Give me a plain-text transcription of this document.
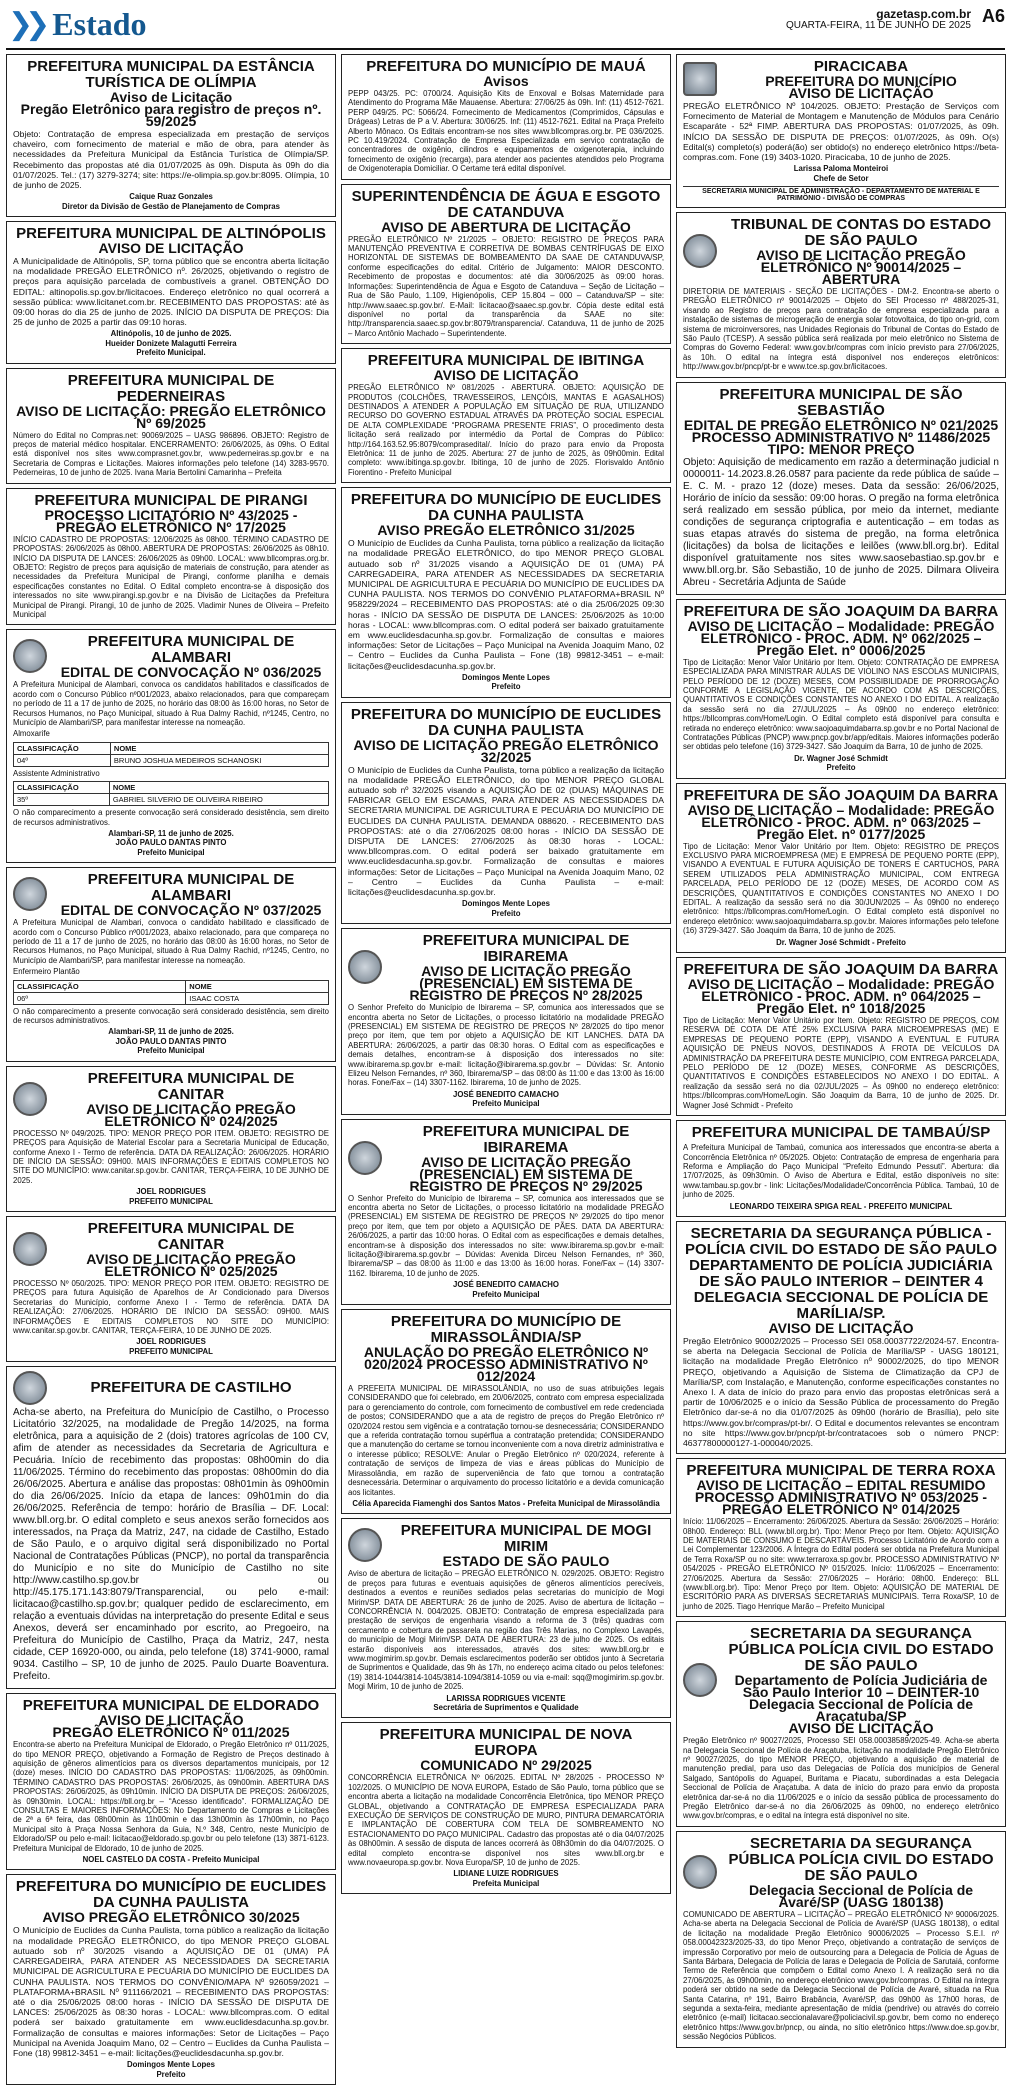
❯❯ Estado	gazetasp.com.br
QUARTA-FEIRA, 11 DE JUNHO DE 2025 A6
PREFEITURA MUNICIPAL DA ESTÂNCIA TURÍSTICA DE OLÍMPIA
Aviso de Licitação
Pregão Eletrônico para registro de preços nº. 59/2025

Objeto: Contratação de empresa especializada em prestação de serviços chaveiro, com fornecimento de material e mão de obra, para atender às necessidades da Prefeitura Municipal da Estância Turística de Olímpia/SP. Recebimento das propostas até dia 01/07/2025 às 09h. Disputa às 09h do dia 01/07/2025. Tel.: (17) 3279-3274; site: https://e-olimpia.sp.gov.br:8095. Olímpia, 10 de junho de 2025.

Caique Ruaz Gonzales
Diretor da Divisão de Gestão de Planejamento de Compras
PREFEITURA MUNICIPAL DE ALTINÓPOLIS
AVISO DE LICITAÇÃO

A Municipalidade de Altinópolis, SP, torna público que se encontra aberta licitação na modalidade PREGÃO ELETRÔNICO nº. 26/2025, objetivando o registro de preços para aquisição parcelada de combustíveis a granel. OBTENÇÃO DO EDITAL: altinopolis.sp.gov.br/licitacoes. Endereço eletrônico no qual ocorrerá a sessão pública: www.licitanet.com.br. RECEBIMENTO DAS PROPOSTAS: até às 09:00 horas do dia 25 de junho de 2025. INÍCIO DA DISPUTA DE PREÇOS: Dia 25 de junho de 2025 a partir das 09:10 horas.

Altinópolis, 10 de junho de 2025.
Hueider Donizete Malagutti Ferreira
Prefeito Municipal.
PREFEITURA MUNICIPAL DE PEDERNEIRAS
AVISO DE LICITAÇÃO: PREGÃO ELETRÔNICO Nº 69/2025

Número do Edital no Compras.net: 90069/2025 – UASG 986896. OBJETO: Registro de preços de material médico hospitalar. ENCERRAMENTO: 26/06/2025, às 09hs. O Edital está disponível nos sites www.comprasnet.gov.br, www.pederneiras.sp.gov.br e na Secretaria de Compras e Licitações. Maiores informações pelo telefone (14) 3283-9570. Pederneiras, 10 de junho de 2025. Ivana Maria Bertolini Camarinha – Prefeita

PREFEITURA MUNICIPAL DE PIRANGI
PROCESSO LICITATÓRIO Nº 43/2025 - PREGÃO ELETRÔNICO Nº 17/2025

INÍCIO CADASTRO DE PROPOSTAS: 12/06/2025 às 08h00. TÉRMINO CADASTRO DE PROPOSTAS: 26/06/2025 às 08h00. ABERTURA DE PROPOSTAS: 26/06/2025 às 08h10. INÍCIO DA DISPUTA DE LANCES: 26/06/2025 às 09h00. LOCAL: www.bllcompras.org.br. OBJETO: Registro de preços para aquisição de materiais de construção, para atender as necessidades da Prefeitura Municipal de Pirangi, conforme planilha e demais especificações constantes no Edital. O Edital completo encontra-se à disposição dos interessados no site www.pirangi.sp.gov.br e na Divisão de Licitações da Prefeitura Municipal de Pirangi. Pirangi, 10 de junho de 2025. Vladimir Nunes de Oliveira – Prefeito Municipal

PREFEITURA MUNICIPAL DE ALAMBARI
EDITAL DE CONVOCAÇÃO Nº 036/2025

A Prefeitura Municipal de Alambari, convoca os candidatos habilitados e classificados de acordo com o Concurso Público nº001/2023, abaixo relacionados, para que compareçam no período de 11 a 17 de junho de 2025, no horário das 08:00 às 16:00 horas, no Setor de Recursos Humanos, no Paço Municipal, situado à Rua Dalmy Rachid, nº1245, Centro, no Município de Alambari/SP, para manifestar interesse na nomeação.

Almoxarife

CLASSIFICAÇÃO	NOME
04º	BRUNO JOSHUA MEDEIROS SCHANOSKI

Assistente Administrativo

CLASSIFICAÇÃO	NOME
35º	GABRIEL SILVERIO DE OLIVEIRA RIBEIRO

O não comparecimento a presente convocação será considerado desistência, sem direito de recursos administrativos.

Alambari-SP, 11 de junho de 2025.
JOÃO PAULO DANTAS PINTO
Prefeito Municipal
PREFEITURA MUNICIPAL DE ALAMBARI
EDITAL DE CONVOCAÇÃO Nº 037/2025

A Prefeitura Municipal de Alambari, convoca o candidato habilitado e classificado de acordo com o Concurso Público nº001/2023, abaixo relacionado, para que compareça no período de 11 a 17 de junho de 2025, no horário das 08:00 às 16:00 horas, no Setor de Recursos Humanos, no Paço Municipal, situado à Rua Dalmy Rachid, nº1245, Centro, no Município de Alambari/SP, para manifestar interesse na nomeação.

Enfermeiro Plantão

CLASSIFICAÇÃO	NOME
06º	ISAAC COSTA

O não comparecimento a presente convocação será considerado desistência, sem direito de recursos administrativos.

Alambari-SP, 11 de junho de 2025.
JOÃO PAULO DANTAS PINTO
Prefeito Municipal
PREFEITURA MUNICIPAL DE CANITAR
AVISO DE LICITAÇÃO PREGÃO ELETRÔNICO Nº 024/2025

PROCESSO Nº 049/2025. TIPO: MENOR PREÇO POR ITEM. OBJETO: REGISTRO DE PREÇOS para Aquisição de Material Escolar para a Secretaria Municipal de Educação, conforme Anexo I - Termo de referência. DATA DA REALIZAÇÃO: 26/06/2025. HORÁRIO DE INÍCIO DA SESSÃO: 09H00. MAIS INFORMAÇÕES E EDITAIS COMPLETOS NO SITE DO MUNICÍPIO: www.canitar.sp.gov.br. CANITAR, TERÇA-FEIRA, 10 DE JUNHO DE 2025.

JOEL RODRIGUES
PREFEITO MUNICIPAL
PREFEITURA MUNICIPAL DE CANITAR
AVISO DE LICITAÇÃO PREGÃO ELETRÔNICO Nº 025/2025

PROCESSO Nº 050/2025. TIPO: MENOR PREÇO POR ITEM. OBJETO: REGISTRO DE PREÇOS para futura Aquisição de Aparelhos de Ar Condicionado para Diversos Secretarias do Município, conforme Anexo I - Termo de referência. DATA DA REALIZAÇÃO: 27/06/2025. HORÁRIO DE INÍCIO DA SESSÃO: 09H00. MAIS INFORMAÇÕES E EDITAIS COMPLETOS NO SITE DO MUNICÍPIO: www.canitar.sp.gov.br. CANITAR, TERÇA-FEIRA, 10 DE JUNHO DE 2025.

JOEL RODRIGUES
PREFEITO MUNICIPAL
PREFEITURA DE CASTILHO

Acha-se aberto, na Prefeitura do Município de Castilho, o Processo Licitatório 32/2025, na modalidade de Pregão 14/2025, na forma eletrônica, para a aquisição de 2 (dois) tratores agrícolas de 100 CV, afim de atender as necessidades da Secretaria de Agricultura e Pecuária. Início de recebimento das propostas: 08h00min do dia 11/06/2025. Término do recebimento das propostas: 08h00min do dia 26/06/2025. Abertura e análise das propostas: 08h01min às 09h00min do dia 26/06/2025. Início da etapa de lances: 09h01min do dia 26/06/2025. Referência de tempo: horário de Brasília – DF. Local: www.bll.org.br. O edital completo e seus anexos serão fornecidos aos interessados, na Praça da Matriz, 247, na cidade de Castilho, Estado de São Paulo, e o arquivo digital será disponibilizado no Portal Nacional de Contratações Públicas (PNCP), no portal da transparência do Município e no site do Município de Castilho no site http://www.castilho.sp.gov.br ou http://45.175.171.143:8079/Transparencial, ou pelo e-mail: licitacao@castilho.sp.gov.br; qualquer pedido de esclarecimento, em relação a eventuais dúvidas na interpretação do presente Edital e seus Anexos, deverá ser encaminhado por escrito, ao Pregoeiro, na Prefeitura do Município de Castilho, Praça da Matriz, 247, nesta cidade, CEP 16920-000, ou ainda, pelo telefone (18) 3741-9000, ramal 9034. Castilho – SP, 10 de junho de 2025. Paulo Duarte Boaventura. Prefeito.

PREFEITURA MUNICIPAL DE ELDORADO
AVISO DE LICITAÇÃO
PREGÃO ELETRÔNICO Nº 011/2025

Encontra-se aberto na Prefeitura Municipal de Eldorado, o Pregão Eletrônico nº 011/2025, do tipo MENOR PREÇO, objetivando a Formação de Registro de Preços destinado à aquisição de gêneros alimentícios para os diversos departamentos municipais, por 12 (doze) meses. INÍCIO DO CADASTRO DAS PROPOSTAS: 11/06/2025, às 09h00min. TÉRMINO CADASTRO DAS PROPOSTAS: 26/06/2025, às 09h00min. ABERTURA DAS PROPOSTAS: 26/06/2025, às 09h10min. INÍCIO DA DISPUTA DE PREÇOS: 26/06/2025, às 09h30min. LOCAL: https://bll.org.br – “Acesso identificado”. FORMALIZAÇÃO DE CONSULTAS E MAIORES INFORMAÇÕES: No Departamento de Compras e Licitações de 2ª a 6ª feira, das 08h00min às 11h00min e das 13h00min às 17h00min, no Paço Municipal sito à Praça Nossa Senhora da Guia, N.º 348, Centro, neste Município de Eldorado/SP ou pelo e-mail: licitacao@eldorado.sp.gov.br ou pelo telefone (13) 3871-6123. Prefeitura Municipal de Eldorado, 10 de junho de 2025.

NOEL CASTELO DA COSTA - Prefeito Municipal
PREFEITURA DO MUNICÍPIO DE EUCLIDES DA CUNHA PAULISTA
AVISO PREGÃO ELETRÔNICO 30/2025

O Município de Euclides da Cunha Paulista, torna público a realização da licitação na modalidade PREGÃO ELETRÔNICO, do tipo MENOR PREÇO GLOBAL autuado sob nº 30/2025 visando a AQUISIÇÃO DE 01 (UMA) PÁ CARREGADEIRA, PARA ATENDER AS NECESSIDADES DA SECRETARIA MUNICIPAL DE AGRICULTURA E PECUÁRIA DO MUNICÍPIO DE EUCLIDES DA CUNHA PAULISTA. NOS TERMOS DO CONVÊNIO/MAPA Nº 926059/2021 – PLATAFORMA+BRASIL Nº 911166/2021 – RECEBIMENTO DAS PROPOSTAS: até o dia 25/06/2025 08:00 horas - INÍCIO DA SESSÃO DE DISPUTA DE LANCES: 25/06/2025 às 08:30 horas - LOCAL: www.bllcompras.com. O edital poderá ser baixado gratuitamente em www.euclidesdacunha.sp.gov.br. Formalização de consultas e maiores informações: Setor de Licitações – Paço Municipal na Avenida Joaquim Mano, 02 – Centro – Euclides da Cunha Paulista – Fone (18) 99812-3451 – e-mail: licitações@euclidesdacunha.sp.gov.br.

Domingos Mente Lopes
Prefeito
PREFEITURA DO MUNICÍPIO DE MAUÁ
Avisos

PEPP 043/25. PC: 0700/24. Aquisição Kits de Enxoval e Bolsas Maternidade para Atendimento do Programa Mãe Mauaense. Abertura: 27/06/25 às 09h. Inf: (11) 4512-7621. PERP 049/25. PC: 5066/24. Fornecimento de Medicamentos (Comprimidos, Cápsulas e Drágeas) Letras de P a V. Abertura: 30/06/25. Inf: (11) 4512-7621. Edital na Praça Prefeito Alberto Mônaco. Os Editais encontram-se nos sites www.bllcompras.org.br. PE 036/2025. PC 10.419/2024. Contratação de Empresa Especializada em serviço contratação de concentradores de oxigênio, cilindros e equipamentos de oxigenoterapia, incluindo fornecimento de oxigênio (recarga), para atender aos pacientes atendidos pelo Programa de Oxigenoterapia Domiciliar. O Certame terá edital disponível.

SUPERINTENDÊNCIA DE ÁGUA E ESGOTO DE CATANDUVA
AVISO DE ABERTURA DE LICITAÇÃO

PREGÃO ELETRÔNICO Nº 21/2025 – OBJETO: REGISTRO DE PREÇOS PARA MANUTENÇÃO PREVENTIVA E CORRETIVA DE BOMBAS CENTRÍFUGAS DE EIXO HORIZONTAL DE SISTEMAS DE BOMBEAMENTO DA SAAE DE CATANDUVA/SP, conforme especificações do edital. Critério de Julgamento: MAIOR DESCONTO. Recebimento de propostas e documentos: até dia 30/06/2025 às 09:00 horas. Informações: Superintendência de Água e Esgoto de Catanduva – Seção de Licitação – Rua de São Paulo, 1.109, Higienópolis, CEP 15.804 – 000 – Catanduva/SP – site: http://www.saaec.sp.gov.br/. E-Mail: licitacao@saaec.sp.gov.br. Cópia deste edital está disponível no portal da transparência da SAAE no site: http://transparencia.saaec.sp.gov.br:8079/transparencia/. Catanduva, 11 de junho de 2025 – Marco Antônio Machado – Superintendente.

PREFEITURA MUNICIPAL DE IBITINGA
AVISO DE LICITAÇÃO

PREGÃO ELETRÔNICO Nº 081/2025 - ABERTURA. OBJETO: AQUISIÇÃO DE PRODUTOS (COLCHÕES, TRAVESSEIROS, LENÇÓIS, MANTAS E AGASALHOS) DESTINADOS A ATENDER A POPULAÇÃO EM SITUAÇÃO DE RUA, UTILIZANDO RECURSO DO GOVERNO ESTADUAL ATRAVÉS DA PROTEÇÃO SOCIAL ESPECIAL DE ALTA COMPLEXIDADE “PROGRAMA PRESENTE FRIAS”, O procedimento desta licitação será realizado por intermédio da Portal de Compras do Público: http://164.163.52.95:8079/comprasedital/. Início do prazo para envio da Proposta Eletrônica: 11 de junho de 2025. Abertura: 27 de junho de 2025, às 09h00min. Edital completo: www.ibitinga.sp.gov.br. Ibitinga, 10 de junho de 2025. Florisvaldo Antônio Fiorentino - Prefeito Municipal

PREFEITURA DO MUNICÍPIO DE EUCLIDES DA CUNHA PAULISTA
AVISO PREGÃO ELETRÔNICO 31/2025

O Município de Euclides da Cunha Paulista, torna público a realização da licitação na modalidade PREGÃO ELETRÔNICO, do tipo MENOR PREÇO GLOBAL autuado sob nº 31/2025 visando a AQUISIÇÃO DE 01 (UMA) PÁ CARREGADEIRA, PARA ATENDER AS NECESSIDADES DA SECRETARIA MUNICIPAL DE AGRICULTURA E PECUÁRIA DO MUNICÍPIO DE EUCLIDES DA CUNHA PAULISTA. NOS TERMOS DO CONVÊNIO PLATAFORMA+BRASIL Nº 958229/2024 – RECEBIMENTO DAS PROPOSTAS: até o dia 25/06/2025 09:30 horas - INÍCIO DA SESSÃO DE DISPUTA DE LANCES: 25/06/2025 às 10:00 horas - LOCAL: www.bllcompras.com. O edital poderá ser baixado gratuitamente em www.euclidesdacunha.sp.gov.br. Formalização de consultas e maiores informações: Setor de Licitações – Paço Municipal na Avenida Joaquim Mano, 02 – Centro – Euclides da Cunha Paulista – Fone (18) 99812-3451 – e-mail: licitações@euclidesdacunha.sp.gov.br.

Domingos Mente Lopes
Prefeito
PREFEITURA DO MUNICÍPIO DE EUCLIDES DA CUNHA PAULISTA
AVISO DE LICITAÇÃO PREGÃO ELETRÔNICO 32/2025

O Município de Euclides da Cunha Paulista, torna público a realização da licitação na modalidade PREGÃO ELETRÔNICO, do tipo MENOR PREÇO GLOBAL autuado sob nº 32/2025 visando a AQUISIÇÃO DE 02 (DUAS) MÁQUINAS DE FABRICAR GELO EM ESCAMAS, PARA ATENDER AS NECESSIDADES DA SECRETARIA MUNICIPAL DE AGRICULTURA E PECUÁRIA DO MUNICÍPIO DE EUCLIDES DA CUNHA PAULISTA. DEMANDA 088620. - RECEBIMENTO DAS PROPOSTAS: até o dia 27/06/2025 08:00 horas - INÍCIO DA SESSÃO DE DISPUTA DE LANCES: 27/06/2025 às 08:30 horas - LOCAL: www.bllcompras.com. O edital poderá ser baixado gratuitamente em www.euclidesdacunha.sp.gov.br. Formalização de consultas e maiores informações: Setor de Licitações – Paço Municipal na Avenida Joaquim Mano, 02 – Centro – Euclides da Cunha Paulista – e-mail: licitações@euclidesdacunha.sp.gov.br.

Domingos Mente Lopes
Prefeito
PREFEITURA MUNICIPAL DE IBIRAREMA
AVISO DE LICITAÇÃO PREGÃO (PRESENCIAL) EM SISTEMA DE REGISTRO DE PREÇOS Nº 28/2025

O Senhor Prefeito do Município de Ibirarema – SP, comunica aos interessados que se encontra aberta no Setor de Licitações, o processo licitatório na modalidade PREGÃO (PRESENCIAL) EM SISTEMA DE REGISTRO DE PREÇOS Nº 28/2025 do tipo menor preço por item, que tem por objeto a AQUISIÇÃO DE KIT LANCHES. DATA DA ABERTURA: 26/06/2025, a partir das 08:30 horas. O Edital com as especificações e demais detalhes, encontram-se à disposição dos interessados no site: www.ibirarema.sp.gov.br e-mail: licitação@ibirarema.sp.gov.br – Dúvidas: Sr. Antonio Elizeu Nelson Fernandes, nº 360, Ibirarema/SP – das 08:00 às 11:00 e das 13:00 às 16:00 horas. Fone/Fax – (14) 3307-1162. Ibirarema, 10 de junho de 2025.

JOSÉ BENEDITO CAMACHO
Prefeito Municipal
PREFEITURA MUNICIPAL DE IBIRAREMA
AVISO DE LICITAÇÃO PREGÃO (PRESENCIAL) EM SISTEMA DE REGISTRO DE PREÇOS Nº 29/2025

O Senhor Prefeito do Município de Ibirarema – SP, comunica aos interessados que se encontra aberta no Setor de Licitações, o processo licitatório na modalidade PREGÃO (PRESENCIAL) EM SISTEMA DE REGISTRO DE PREÇOS Nº 29/2025 do tipo menor preço por item, que tem por objeto a AQUISIÇÃO DE PÃES. DATA DA ABERTURA: 26/06/2025, a partir das 10:00 horas. O Edital com as especificações e demais detalhes, encontram-se à disposição dos interessados no site: www.ibirarema.sp.gov.br e-mail: licitação@ibirarema.sp.gov.br – Dúvidas: Avenida Dirceu Nelson Fernandes, nº 360, Ibirarema/SP – das 08:00 às 11:00 e das 13:00 às 16:00 horas. Fone/Fax – (14) 3307-1162. Ibirarema, 10 de junho de 2025.

JOSÉ BENEDITO CAMACHO
Prefeito Municipal
PREFEITURA DO MUNICÍPIO DE MIRASSOLÂNDIA/SP
ANULAÇÃO DO PREGÃO ELETRÔNICO Nº 020/2024 PROCESSO ADMINISTRATIVO Nº 012/2024

A PREFEITA MUNICIPAL DE MIRASSOLÂNDIA, no uso de suas atribuições legais CONSIDERANDO que foi celebrado, em 20/06/2025, contrato com empresa especializada para o gerenciamento do controle, com fornecimento de combustível em rede credenciada de postos; CONSIDERANDO que a ata de registro de preços do Pregão Eletrônico nº 020/2024 restou sem vigência e a contratação tornou-se desnecessária; CONSIDERANDO que a referida contratação tornou supérflua a contratação pretendida; CONSIDERANDO que a manutenção do certame se tornou inconveniente com a nova diretriz administrativa e o interesse público; RESOLVE: Anular o Pregão Eletrônico nº 020/2024, referente à contratação de serviços de limpeza de vias e áreas públicas do Município de Mirassolândia, em razão de superveniência de fato que tornou a contratação desnecessária. Determinar o arquivamento do processo licitatório e a devida comunicação aos licitantes.

Célia Aparecida Fiamenghi dos Santos Matos - Prefeita Municipal de Mirassolândia
PREFEITURA MUNICIPAL DE MOGI MIRIM
ESTADO DE SÃO PAULO

Aviso de abertura de licitação – PREGÃO ELETRÔNICO N. 029/2025. OBJETO: Registro de preços para futuras e eventuais aquisições de gêneros alimentícios perecíveis, destinados a eventos e reuniões sediados pelas secretarias do município de Mogi Mirim/SP. DATA DE ABERTURA: 26 de junho de 2025. Aviso de abertura de licitação – CONCORRÊNCIA N. 004/2025. OBJETO: Contratação de empresa especializada para prestação de serviços de engenharia visando a reforma de 3 (três) quadras com cercamento e cobertura de passarela na região das Três Marias, no Complexo Lavapés, do município de Mogi Mirim/SP. DATA DE ABERTURA: 23 de julho de 2025. Os editais estarão disponíveis aos interessados, através dos sites: www.bll.org.br e www.mogimirim.sp.gov.br. Demais esclarecimentos poderão ser obtidos junto à Secretaria de Suprimentos e Qualidade, das 9h às 17h, no endereço acima citado ou pelos telefones: (19) 3814-1044/3814-1045/3814-1094/3814-1059 ou via e-mail: sqq@mogimirim.sp.gov.br. Mogi Mirim, 10 de junho de 2025.

LARISSA RODRIGUES VICENTE
Secretária de Suprimentos e Qualidade
PREFEITURA MUNICIPAL DE NOVA EUROPA
COMUNICADO Nº 29/2025

CONCORRÊNCIA ELETRÔNICA Nº 06/2025. EDITAL Nº 28/2025 - PROCESSO Nº 102/2025. O MUNICÍPIO DE NOVA EUROPA, Estado de São Paulo, torna público que se encontra aberta a licitação na modalidade Concorrência Eletrônica, tipo MENOR PREÇO GLOBAL, objetivando a CONTRATAÇÃO DE EMPRESA ESPECIALIZADA PARA EXECUÇÃO DE SERVIÇOS DE CONSTRUÇÃO DE MURO, PINTURA DEMARCATÓRIA E IMPLANTAÇÃO DE COBERTURA COM TELA DE SOMBREAMENTO NO ESTACIONAMENTO DO PAÇO MUNICIPAL. Cadastro das propostas até o dia 04/07/2025 às 08h00min. A sessão de disputa de lances ocorrerá às 08h30min do dia 04/07/2025. O edital completo encontra-se disponível nos sites www.bll.org.br e www.novaeuropa.sp.gov.br. Nova Europa/SP, 10 de junho de 2025.

LIDIANE LUIZE RODRIGUES
Prefeita Municipal
PIRACICABA
PREFEITURA DO MUNICÍPIO
AVISO DE LICITAÇÃO

PREGÃO ELETRÔNICO Nº 104/2025. OBJETO: Prestação de Serviços com Fornecimento de Material de Montagem e Manutenção de Módulos para Cenário Escaparáte - 52ª FIMP. ABERTURA DAS PROPOSTAS: 01/07/2025, às 09h. INÍCIO DA SESSÃO DE DISPUTA DE PREÇOS: 01/07/2025, às 09h. O(s) Edital(s) completo(s) poderá(ão) ser obtido(s) no endereço eletrônico https://beta-compras.com. Fone (19) 3403-1020. Piracicaba, 10 de junho de 2025.

Larissa Paloma Monteiroi
Chefe de Setor
SECRETARIA MUNICIPAL DE ADMINISTRAÇÃO - DEPARTAMENTO DE MATERIAL E PATRIMÔNIO - DIVISÃO DE COMPRAS
TRIBUNAL DE CONTAS DO ESTADO DE SÃO PAULO
AVISO DE LICITAÇÃO PREGÃO ELETRÔNICO Nº 90014/2025 – ABERTURA

DIRETORIA DE MATERIAIS - SEÇÃO DE LICITAÇÕES - DM-2. Encontra-se aberto o PREGÃO ELETRÔNICO nº 90014/2025 – Objeto do SEI Processo nº 488/2025-31, visando ao Registro de preços para contratação de empresa especializada para a instalação de sistemas de microgeração de energia solar fotovoltaica, do tipo on-grid, com sistema de microinversores, nas Unidades Regionais do Tribunal de Contas do Estado de São Paulo (TCESP). A sessão pública será realizada por meio eletrônico no Sistema de Compras do Governo Federal: www.gov.br/compras com início previsto para 27/06/2025, às 10h. O edital na íntegra está disponível nos endereços eletrônicos: http://www.gov.br/pncp/pt-br e www.tce.sp.gov.br/licitacoes.

PREFEITURA MUNICIPAL DE SÃO SEBASTIÃO
EDITAL DE PREGÃO ELETRÔNICO Nº 021/2025
PROCESSO ADMINISTRATIVO Nº 11486/2025
TIPO: MENOR PREÇO

Objeto: Aquisição de medicamento em razão a determinação judicial n 0000011- 14.2023.8.26.0587 para paciente da rede pública de saúde – E. C. M. - prazo 12 (doze) meses. Data da sessão: 26/06/2025, Horário de início da sessão: 09:00 horas. O pregão na forma eletrônica será realizado em sessão pública, por meio da internet, mediante condições de segurança criptografia e autenticação – em todas as suas etapas através do sistema de pregão, na forma eletrônica (licitações) da bolsa de licitações e leilões (www.bll.org.br). Edital disponível gratuitamente nos sites www.saosebastiao.sp.gov.br e www.bll.org.br. São Sebastião, 10 de junho de 2025. Dilmara Oliveira Abreu - Secretária Adjunta de Saúde

PREFEITURA DE SÃO JOAQUIM DA BARRA
AVISO DE LICITAÇÃO – Modalidade: PREGÃO ELETRÔNICO - PROC. ADM. Nº 062/2025 – Pregão Elet. nº 0006/2025

Tipo de Licitação: Menor Valor Unitário por Item. Objeto: CONTRATAÇÃO DE EMPRESA ESPECIALIZADA PARA MINISTRAR AULAS DE VIOLINO NAS ESCOLAS MUNICIPAIS, PELO PERÍODO DE 12 (DOZE) MESES, COM POSSIBILIDADE DE PRORROGAÇÃO CONFORME A LEGISLAÇÃO VIGENTE, DE ACORDO COM AS DESCRIÇÕES, QUANTITATIVOS E CONDIÇÕES CONSTANTES NO ANEXO I DO EDITAL. A realização da sessão será no dia 27/JUL/2025 – Às 09h00 no endereço eletrônico: https://bllcompras.com/Home/Login. O Edital completo está disponível para consulta e retirada no endereço eletrônico: www.saojoaquimdabarra.sp.gov.br e no Portal Nacional de Contratações Públicas (PNCP) www.pncp.gov.br/app/editais. Maiores informações poderão ser obtidas pelo telefone (16) 3729-3427. São Joaquim da Barra, 10 de junho de 2025.

Dr. Wagner José Schmidt
Prefeito
PREFEITURA DE SÃO JOAQUIM DA BARRA
AVISO DE LICITAÇÃO – Modalidade: PREGÃO ELETRÔNICO - PROC. ADM. nº 063/2025 – Pregão Elet. nº 0177/2025

Tipo de Licitação: Menor Valor Unitário por Item. Objeto: REGISTRO DE PREÇOS EXCLUSIVO PARA MICROEMPRESA (ME) E EMPRESA DE PEQUENO PORTE (EPP), VISANDO A EVENTUAL E FUTURA AQUISIÇÃO DE TONERS E CARTUCHOS, PARA SEREM UTILIZADOS PELA ADMINISTRAÇÃO MUNICIPAL, COM ENTREGA PARCELADA, PELO PERÍODO DE 12 (DOZE) MESES, DE ACORDO COM AS DESCRIÇÕES, QUANTITATIVOS E CONDIÇÕES CONSTANTES NO ANEXO I DO EDITAL. A realização da sessão será no dia 30/JUN/2025 – Às 09h00 no endereço eletrônico: https://bllcompras.com/Home/Login. O Edital completo está disponível no endereço eletrônico: www.saojoaquimdabarra.sp.gov.br. Maiores informações pelo telefone (16) 3729-3427. São Joaquim da Barra, 10 de junho de 2025.

Dr. Wagner José Schmidt - Prefeito
PREFEITURA DE SÃO JOAQUIM DA BARRA
AVISO DE LICITAÇÃO – Modalidade: PREGÃO ELETRÔNICO - PROC. ADM. nº 064/2025 – Pregão Elet. nº 1018/2025

Tipo de Licitação: Menor Valor Unitário por Item. Objeto: REGISTRO DE PREÇOS, COM RESERVA DE COTA DE ATÉ 25% EXCLUSIVA PARA MICROEMPRESAS (ME) E EMPRESAS DE PEQUENO PORTE (EPP), VISANDO A EVENTUAL E FUTURA AQUISIÇÃO DE PNEUS NOVOS, DESTINADOS À FROTA DE VEÍCULOS DA ADMINISTRAÇÃO DA PREFEITURA DESTE MUNICÍPIO, COM ENTREGA PARCELADA, PELO PERÍODO DE 12 (DOZE) MESES, CONFORME AS DESCRIÇÕES, QUANTITATIVOS E CONDIÇÕES ESTABELECIDOS NO ANEXO I DO EDITAL. A realização da sessão será no dia 02/JUL/2025 – Às 09h00 no endereço eletrônico: https://bllcompras.com/Home/Login. São Joaquim da Barra, 10 de junho de 2025. Dr. Wagner José Schmidt - Prefeito

PREFEITURA MUNICIPAL DE TAMBAÚ/SP

A Prefeitura Municipal de Tambaú, comunica aos interessados que encontra-se aberta a Concorrência Eletrônica nº 05/2025. Objeto: Contratação de empresa de engenharia para Reforma e Ampliação do Paço Municipal “Prefeito Edmundo Pessuti”. Abertura: dia 17/07/2025, às 09h30min. O Aviso de Abertura e Edital, estão disponíveis no site: www.tambau.sp.gov.br - link: Licitações/Modalidade/Concorrência Pública. Tambaú, 10 de junho de 2025.

LEONARDO TEIXEIRA SPIGA REAL - PREFEITO MUNICIPAL
SECRETARIA DA SEGURANÇA PÚBLICA - POLÍCIA CIVIL DO ESTADO DE SÃO PAULO DEPARTAMENTO DE POLÍCIA JUDICIÁRIA DE SÃO PAULO INTERIOR – DEINTER 4 DELEGACIA SECCIONAL DE POLÍCIA DE MARÍLIA/SP.
AVISO DE LICITAÇÃO

Pregão Eletrônico 90002/2025 – Processo SEI 058.00037722/2024-57. Encontra-se aberta na Delegacia Seccional de Polícia de Marília/SP - UASG 180121, licitação na modalidade Pregão Eletrônico nº 90002/2025, do tipo MENOR PREÇO, objetivando a Aquisição de Sistema de Climatização da CPJ de Marília/SP, com Instalação, e Manutenção, conforme especificações constantes no Anexo I. A data de início do prazo para envio das propostas eletrônicas será a partir de 10/06/2025 e o início da Sessão Pública de processamento do Pregão Eletrônico dar-se-á no dia 01/07/2025 às 09h00 (horário de Brasília), pelo site https://www.gov.br/compras/pt-br/. O Edital e documentos relevantes se encontram no site https://www.gov.br/pncp/pt-br/contratacoes sob o número PNCP: 46377800000127-1-000040/2025.

PREFEITURA MUNICIPAL DE TERRA ROXA
AVISO DE LICITAÇÃO – EDITAL RESUMIDO PROCESSO ADMINISTRATIVO Nº 053/2025 - PREGÃO ELETRÔNICO Nº 014/2025

Início: 11/06/2025 – Encerramento: 26/06/2025. Abertura da Sessão: 26/06/2025 – Horário: 08h00. Endereço: BLL (www.bll.org.br). Tipo: Menor Preço por Item. Objeto: AQUISIÇÃO DE MATERIAIS DE CONSUMO E DESCARTÁVEIS. Processo Licitatório de Acordo com a Lei Complementar 123/2006. A Íntegra do Edital poderá ser obtida na Prefeitura Municipal de Terra Roxa/SP ou no site: www.terraroxa.sp.gov.br. PROCESSO ADMINISTRATIVO Nº 054/2025 - PREGÃO ELETRÔNICO Nº 015/2025. Início: 11/06/2025 – Encerramento: 27/06/2025. Abertura da Sessão: 27/06/2025 – Horário: 08h00. Endereço: BLL (www.bll.org.br). Tipo: Menor Preço por Item. Objeto: AQUISIÇÃO DE MATERIAL DE ESCRITÓRIO PARA AS DIVERSAS SECRETARIAS MUNICIPAIS. Terra Roxa/SP, 10 de junho de 2025. Tiago Henrique Marão – Prefeito Municipal

SECRETARIA DA SEGURANÇA PÚBLICA POLÍCIA CIVIL DO ESTADO DE SÃO PAULO
Departamento de Polícia Judiciária de São Paulo Interior 10 – DEINTER-10 Delegacia Seccional de Polícia de Araçatuba/SP
AVISO DE LICITAÇÃO

Pregão Eletrônico nº 90027/2025, Processo SEI 058.00038589/2025-49. Acha-se aberta na Delegacia Seccional de Polícia de Araçatuba, licitação na modalidade Pregão Eletrônico nº 90027/2025, do tipo MENOR PREÇO, objetivando a aquisição de material de manutenção predial, para uso das Delegacias de Polícia dos municípios de General Salgado, Santópolis do Aguapeí, Buritama e Piacatu, subordinadas a esta Delegacia Seccional de Polícia de Araçatuba. A data de início do prazo para envio da proposta eletrônica dar-se-á no dia 11/06/2025 e o início da sessão pública de processamento do Pregão Eletrônico dar-se-á no dia 26/06/2025 às 09h00, no endereço eletrônico www.gov.br/compras, e o edital na íntegra está disponível no site.

SECRETARIA DA SEGURANÇA PÚBLICA POLÍCIA CIVIL DO ESTADO DE SÃO PAULO
Delegacia Seccional de Polícia de Avaré/SP (UASG 180138)

COMUNICADO DE ABERTURA – LICITAÇÃO – PREGÃO ELETRÔNICO Nº 90006/2025. Acha-se aberta na Delegacia Seccional de Polícia de Avaré/SP (UASG 180138), o edital de licitação na modalidade Pregão Eletrônico 90006/2025 – Processo S.E.I. nº 058.00042323/2025-33, do tipo Menor Preço, objetivando a contratação de serviços de impressão Corporativo por meio de outsourcing para a Delegacia de Polícia de Águas de Santa Bárbara, Delegacia de Polícia de Iaras e Delegacia de Polícia de Sarutaiá, conforme Termo de Referência que compõem o Edital como Anexo I. A realização será no dia 27/06/2025, às 09h00min, no endereço eletrônico www.gov.br/compras. O Edital na íntegra poderá ser obtido na sede da Delegacia Seccional de Polícia de Avaré, situada na Rua Santa Catarina, nº 191, Bairro Brabância, Avaré/SP, das 09h00 às 17h00 horas, de segunda a sexta-feira, mediante apresentação de mídia (pendrive) ou através do correio eletrônico (e-mail) licitacao.seccionalavare@policiacivil.sp.gov.br, bem como no endereço eletrônico https://www.gov.br/pncp, ou ainda, no sítio eletrônico https://www.doe.sp.gov.br, sessão Negócios Públicos.
